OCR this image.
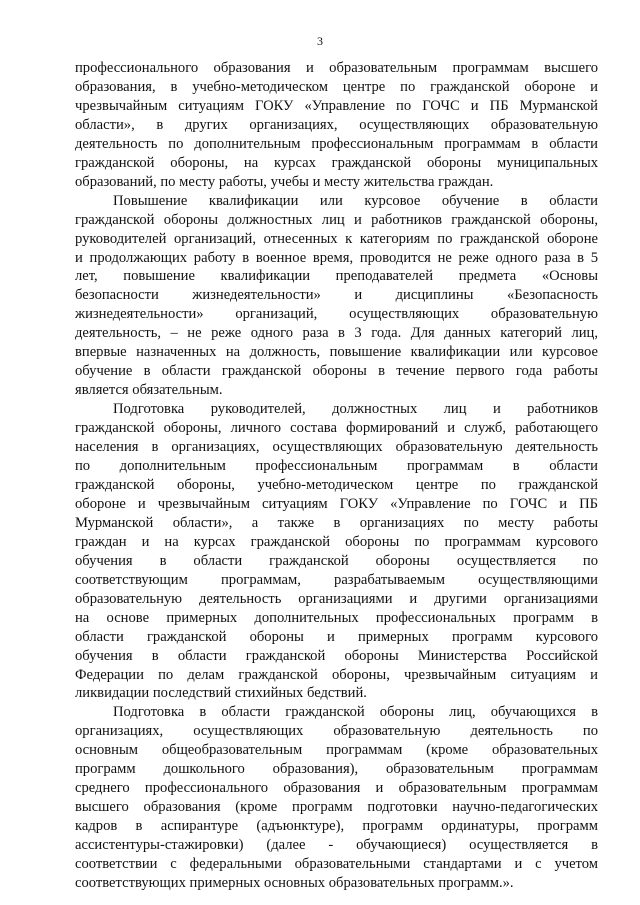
3
профессионального образования и образовательным программам высшего
образования, в учебно-методическом центре по гражданской обороне и
чрезвычайным ситуациям ГОКУ «Управление по ГОЧС и ПБ Мурманской
области», в других организациях, осуществляющих образовательную
деятельность по дополнительным профессиональным программам в области
гражданской обороны, на курсах гражданской обороны муниципальных
образований, по месту работы, учебы и месту жительства граждан.
Повышение квалификации или курсовое обучение в области
гражданской обороны должностных лиц и работников гражданской обороны,
руководителей организаций, отнесенных к категориям по гражданской обороне
и продолжающих работу в военное время, проводится не реже одного раза в 5
лет, повышение квалификации преподавателей предмета «Основы
безопасности жизнедеятельности» и дисциплины «Безопасность
жизнедеятельности» организаций, осуществляющих образовательную
деятельность, – не реже одного раза в 3 года. Для данных категорий лиц,
впервые назначенных на должность, повышение квалификации или курсовое
обучение в области гражданской обороны в течение первого года работы
является обязательным.
Подготовка руководителей, должностных лиц и работников
гражданской обороны, личного состава формирований и служб, работающего
населения в организациях, осуществляющих образовательную деятельность
по дополнительным профессиональным программам в области
гражданской обороны, учебно-методическом центре по гражданской
обороне и чрезвычайным ситуациям ГОКУ «Управление по ГОЧС и ПБ
Мурманской области», а также в организациях по месту работы
граждан и на курсах гражданской обороны по программам курсового
обучения в области гражданской обороны осуществляется по
соответствующим программам, разрабатываемым осуществляющими
образовательную деятельность организациями и другими организациями
на основе примерных дополнительных профессиональных программ в
области гражданской обороны и примерных программ курсового
обучения в области гражданской обороны Министерства Российской
Федерации по делам гражданской обороны, чрезвычайным ситуациям и
ликвидации последствий стихийных бедствий.
Подготовка в области гражданской обороны лиц, обучающихся в
организациях, осуществляющих образовательную деятельность по
основным общеобразовательным программам (кроме образовательных
программ дошкольного образования), образовательным программам
среднего профессионального образования и образовательным программам
высшего образования (кроме программ подготовки научно-педагогических
кадров в аспирантуре (адъюнктуре), программ ординатуры, программ
ассистентуры-стажировки) (далее - обучающиеся) осуществляется в
соответствии с федеральными образовательными стандартами и с учетом
соответствующих примерных основных образовательных программ.».
